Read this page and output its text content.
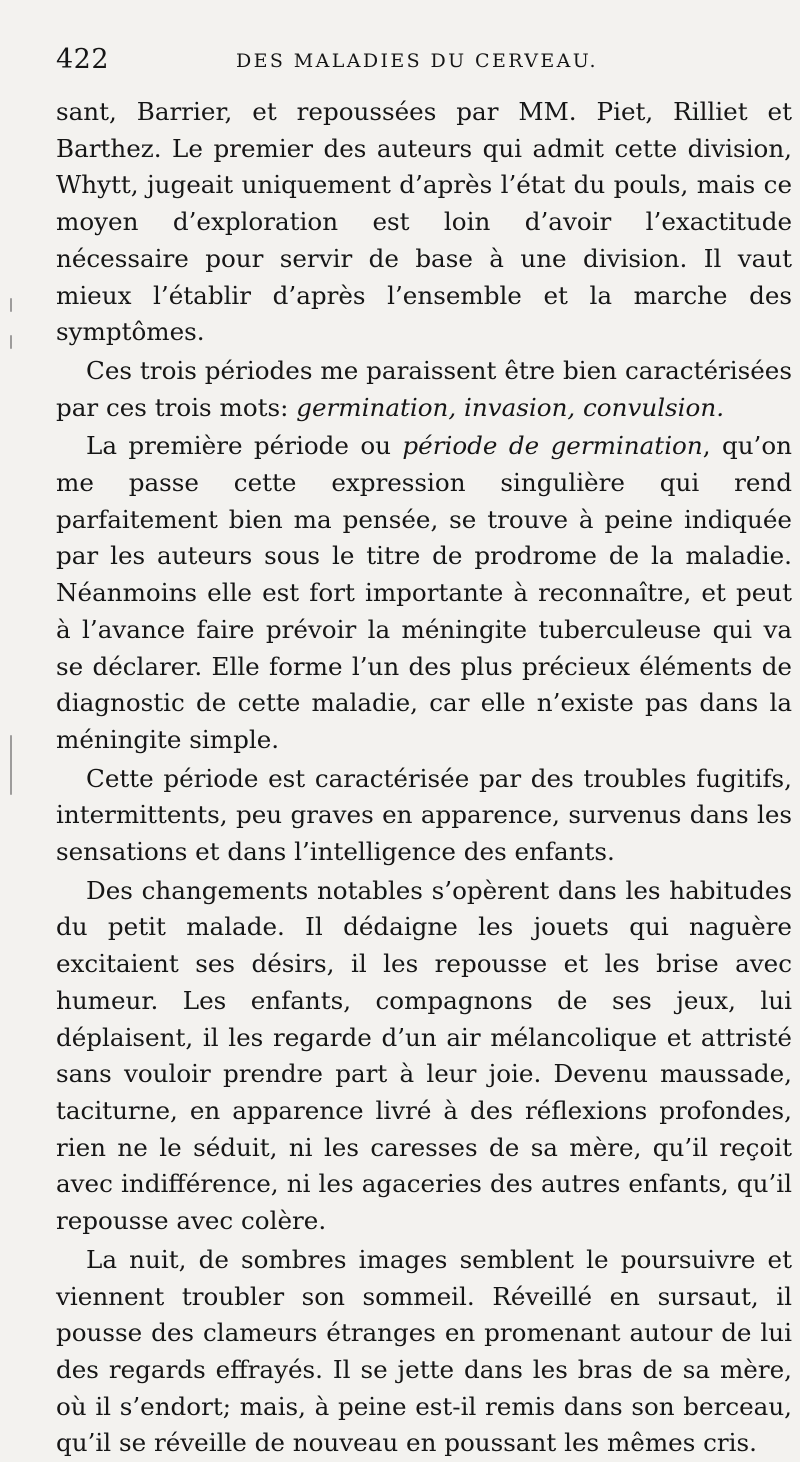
422	DES MALADIES DU CERVEAU.

sant, Barrier, et repoussées par MM. Piet, Rilliet et Barthez. Le premier des auteurs qui admit cette division, Whytt, jugeait uniquement d’après l’état du pouls, mais ce moyen d’exploration est loin d’avoir l’exactitude nécessaire pour servir de base à une division. Il vaut mieux l’établir d’après l’ensemble et la marche des symptômes.

Ces trois périodes me paraissent être bien caractérisées par ces trois mots: germination, invasion, convulsion.

La première période ou période de germination, qu’on me passe cette expression singulière qui rend parfaitement bien ma pensée, se trouve à peine indiquée par les auteurs sous le titre de prodrome de la maladie. Néanmoins elle est fort importante à reconnaître, et peut à l’avance faire prévoir la méningite tuberculeuse qui va se déclarer. Elle forme l’un des plus précieux éléments de diagnostic de cette maladie, car elle n’existe pas dans la méningite simple.

Cette période est caractérisée par des troubles fugitifs, intermittents, peu graves en apparence, survenus dans les sensations et dans l’intelligence des enfants.

Des changements notables s’opèrent dans les habitudes du petit malade. Il dédaigne les jouets qui naguère excitaient ses désirs, il les repousse et les brise avec humeur. Les enfants, compagnons de ses jeux, lui déplaisent, il les regarde d’un air mélancolique et attristé sans vouloir prendre part à leur joie. Devenu maussade, taciturne, en apparence livré à des réflexions profondes, rien ne le séduit, ni les caresses de sa mère, qu’il reçoit avec indifférence, ni les agaceries des autres enfants, qu’il repousse avec colère.

La nuit, de sombres images semblent le poursuivre et viennent troubler son sommeil. Réveillé en sursaut, il pousse des clameurs étranges en promenant autour de lui des regards effrayés. Il se jette dans les bras de sa mère, où il s’endort; mais, à peine est-il remis dans son berceau, qu’il se réveille de nouveau en poussant les mêmes cris.
